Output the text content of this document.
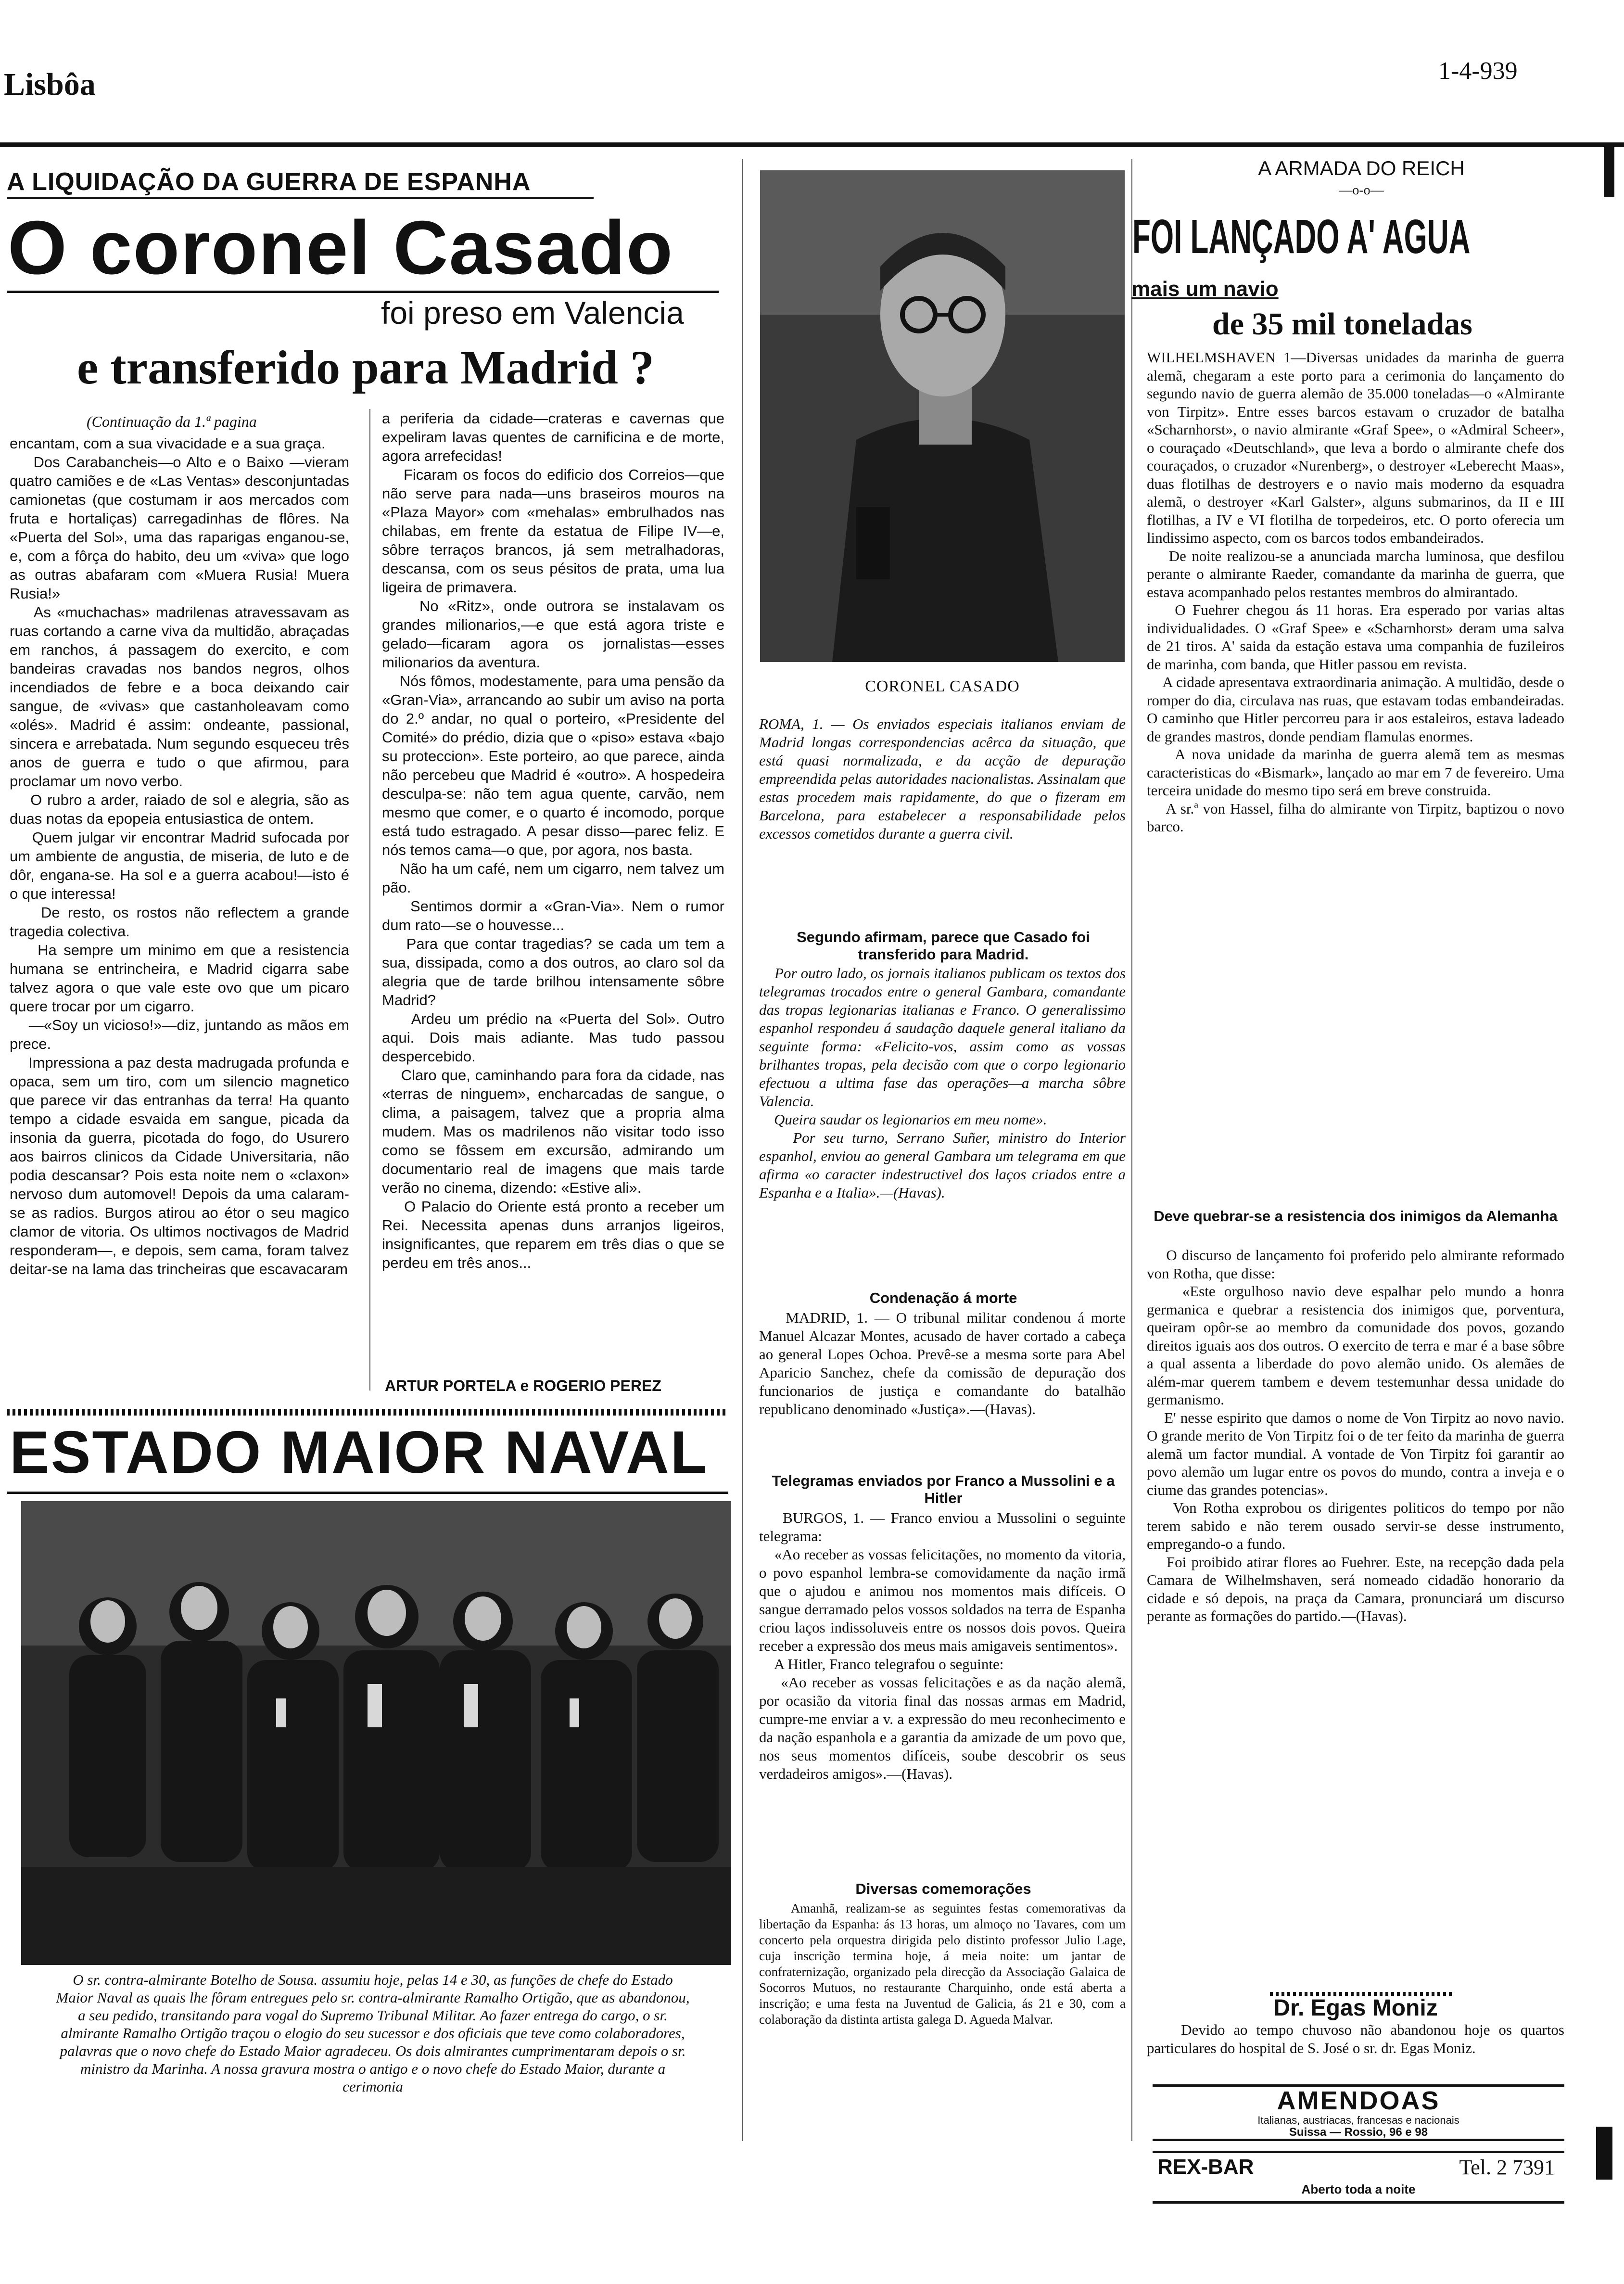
Lisbôa	1-4-939
A LIQUIDAÇÃO DA GUERRA DE ESPANHA
O coronel Casado
foi preso em Valencia
e transferido para Madrid ?
(Continuação da 1.ª pagina
encantam, com a sua vivacidade e a sua graça.
Dos Carabancheis—o Alto e o Baixo —vieram quatro camiões e de «Las Ventas» desconjuntadas camionetas (que costumam ir aos mercados com fruta e hortaliças) carregadinhas de flôres. Na «Puerta del Sol», uma das raparigas enganou-se, e, com a fôrça do habito, deu um «viva» que logo as outras abafaram com «Muera Rusia! Muera Rusia!»
As «muchachas» madrilenas atravessavam as ruas cortando a carne viva da multidão, abraçadas em ranchos, á passagem do exercito, e com bandeiras cravadas nos bandos negros, olhos incendiados de febre e a boca deixando cair sangue, de «vivas» que castanholeavam como «olés». Madrid é assim: ondeante, passional, sincera e arrebatada. Num segundo esqueceu três anos de guerra e tudo o que afirmou, para proclamar um novo verbo.
O rubro a arder, raiado de sol e alegria, são as duas notas da epopeia entusiastica de ontem.
Quem julgar vir encontrar Madrid sufocada por um ambiente de angustia, de miseria, de luto e de dôr, engana-se. Ha sol e a guerra acabou!—isto é o que interessa!
De resto, os rostos não reflectem a grande tragedia colectiva.
Ha sempre um minimo em que a resistencia humana se entrincheira, e Madrid cigarra sabe talvez agora o que vale este ovo que um picaro quere trocar por um cigarro.
—«Soy un vicioso!»—diz, juntando as mãos em prece.
Impressiona a paz desta madrugada profunda e opaca, sem um tiro, com um silencio magnetico que parece vir das entranhas da terra! Ha quanto tempo a cidade esvaida em sangue, picada da insonia da guerra, picotada do fogo, do Usurero aos bairros clinicos da Cidade Universitaria, não podia descansar? Pois esta noite nem o «claxon» nervoso dum automovel! Depois da uma calaram-se as radios. Burgos atirou ao étor o seu magico clamor de vitoria. Os ultimos noctivagos de Madrid responderam—, e depois, sem cama, foram talvez deitar-se na lama das trincheiras que escavacaram
a periferia da cidade—crateras e cavernas que expeliram lavas quentes de carnificina e de morte, agora arrefecidas!
Ficaram os focos do edificio dos Correios—que não serve para nada—uns braseiros mouros na «Plaza Mayor» com «mehalas» embrulhados nas chilabas, em frente da estatua de Filipe IV—e, sôbre terraços brancos, já sem metralhadoras, descansa, com os seus pésitos de prata, uma lua ligeira de primavera.
No «Ritz», onde outrora se instalavam os grandes milionarios,—e que está agora triste e gelado—ficaram agora os jornalistas—esses milionarios da aventura.
Nós fômos, modestamente, para uma pensão da «Gran-Via», arrancando ao subir um aviso na porta do 2.º andar, no qual o porteiro, «Presidente del Comité» do prédio, dizia que o «piso» estava «bajo su proteccion». Este porteiro, ao que parece, ainda não percebeu que Madrid é «outro». A hospedeira desculpa-se: não tem agua quente, carvão, nem mesmo que comer, e o quarto é incomodo, porque está tudo estragado. A pesar disso—parec feliz. E nós temos cama—o que, por agora, nos basta.
Não ha um café, nem um cigarro, nem talvez um pão.
Sentimos dormir a «Gran-Via». Nem o rumor dum rato—se o houvesse...
Para que contar tragedias? se cada um tem a sua, dissipada, como a dos outros, ao claro sol da alegria que de tarde brilhou intensamente sôbre Madrid?
Ardeu um prédio na «Puerta del Sol». Outro aqui. Dois mais adiante. Mas tudo passou despercebido.
Claro que, caminhando para fora da cidade, nas «terras de ninguem», encharcadas de sangue, o clima, a paisagem, talvez que a propria alma mudem. Mas os madrilenos não visitar todo isso como se fôssem em excursão, admirando um documentario real de imagens que mais tarde verão no cinema, dizendo: «Estive ali».
O Palacio do Oriente está pronto a receber um Rei. Necessita apenas duns arranjos ligeiros, insignificantes, que reparem em três dias o que se perdeu em três anos...
ARTUR PORTELA e ROGERIO PEREZ
ESTADO MAIOR NAVAL
O sr. contra-almirante Botelho de Sousa. assumiu hoje, pelas 14 e 30, as funções de chefe do Estado Maior Naval as quais lhe fôram entregues pelo sr. contra-almirante Ramalho Ortigão, que as abandonou, a seu pedido, transitando para vogal do Supremo Tribunal Militar. Ao fazer entrega do cargo, o sr. almirante Ramalho Ortigão traçou o elogio do seu sucessor e dos oficiais que teve como colaboradores, palavras que o novo chefe do Estado Maior agradeceu. Os dois almirantes cumprimentaram depois o sr. ministro da Marinha. A nossa gravura mostra o antigo e o novo chefe do Estado Maior, durante a cerimonia
CORONEL CASADO
ROMA, 1. — Os enviados especiais italianos enviam de Madrid longas correspondencias acêrca da situação, que está quasi normalizada, e da acção de depuração empreendida pelas autoridades nacionalistas. Assinalam que estas procedem mais rapidamente, do que o fizeram em Barcelona, para estabelecer a responsabilidade pelos excessos cometidos durante a guerra civil.
Segundo afirmam, parece que Casado foi transferido para Madrid.
Por outro lado, os jornais italianos publicam os textos dos telegramas trocados entre o general Gambara, comandante das tropas legionarias italianas e Franco. O generalissimo espanhol respondeu á saudação daquele general italiano da seguinte forma: «Felicito-vos, assim como as vossas brilhantes tropas, pela decisão com que o corpo legionario efectuou a ultima fase das operações—a marcha sôbre Valencia.
Queira saudar os legionarios em meu nome».
Por seu turno, Serrano Suñer, ministro do Interior espanhol, enviou ao general Gambara um telegrama em que afirma «o caracter indestructivel dos laços criados entre a Espanha e a Italia».—(Havas).
Condenação á morte
MADRID, 1. — O tribunal militar condenou á morte Manuel Alcazar Montes, acusado de haver cortado a cabeça ao general Lopes Ochoa. Prevê-se a mesma sorte para Abel Aparicio Sanchez, chefe da comissão de depuração dos funcionarios de justiça e comandante do batalhão republicano denominado «Justiça».—(Havas).
Telegramas enviados por Franco a Mussolini e a Hitler
BURGOS, 1. — Franco enviou a Mussolini o seguinte telegrama:
«Ao receber as vossas felicitações, no momento da vitoria, o povo espanhol lembra-se comovidamente da nação irmã que o ajudou e animou nos momentos mais difíceis. O sangue derramado pelos vossos soldados na terra de Espanha criou laços indissoluveis entre os nossos dois povos. Queira receber a expressão dos meus mais amigaveis sentimentos».
A Hitler, Franco telegrafou o seguinte:
«Ao receber as vossas felicitações e as da nação alemã, por ocasião da vitoria final das nossas armas em Madrid, cumpre-me enviar a v. a expressão do meu reconhecimento e da nação espanhola e a garantia da amizade de um povo que, nos seus momentos difíceis, soube descobrir os seus verdadeiros amigos».—(Havas).
Diversas comemorações
Amanhã, realizam-se as seguintes festas comemorativas da libertação da Espanha: ás 13 horas, um almoço no Tavares, com um concerto pela orquestra dirigida pelo distinto professor Julio Lage, cuja inscrição termina hoje, á meia noite: um jantar de confraternização, organizado pela direcção da Associação Galaica de Socorros Mutuos, no restaurante Charquinho, onde está aberta a inscrição; e uma festa na Juventud de Galicia, ás 21 e 30, com a colaboração da distinta artista galega D. Agueda Malvar.
A ARMADA DO REICH
—o-o—
FOI LANÇADO A' AGUA
mais um navio
de 35 mil toneladas
WILHELMSHAVEN 1—Diversas unidades da marinha de guerra alemã, chegaram a este porto para a cerimonia do lançamento do segundo navio de guerra alemão de 35.000 toneladas—o «Almirante von Tirpitz». Entre esses barcos estavam o cruzador de batalha «Scharnhorst», o navio almirante «Graf Spee», o «Admiral Scheer», o couraçado «Deutschland», que leva a bordo o almirante chefe dos couraçados, o cruzador «Nurenberg», o destroyer «Leberecht Maas», duas flotilhas de destroyers e o navio mais moderno da esquadra alemã, o destroyer «Karl Galster», alguns submarinos, da II e III flotilhas, a IV e VI flotilha de torpedeiros, etc. O porto oferecia um lindissimo aspecto, com os barcos todos embandeirados.
De noite realizou-se a anunciada marcha luminosa, que desfilou perante o almirante Raeder, comandante da marinha de guerra, que estava acompanhado pelos restantes membros do almirantado.
O Fuehrer chegou ás 11 horas. Era esperado por varias altas individualidades. O «Graf Spee» e «Scharnhorst» deram uma salva de 21 tiros. A' saida da estação estava uma companhia de fuzileiros de marinha, com banda, que Hitler passou em revista.
A cidade apresentava extraordinaria animação. A multidão, desde o romper do dia, circulava nas ruas, que estavam todas embandeiradas. O caminho que Hitler percorreu para ir aos estaleiros, estava ladeado de grandes mastros, donde pendiam flamulas enormes.
A nova unidade da marinha de guerra alemã tem as mesmas caracteristicas do «Bismark», lançado ao mar em 7 de fevereiro. Uma terceira unidade do mesmo tipo será em breve construida.
A sr.ª von Hassel, filha do almirante von Tirpitz, baptizou o novo barco.
Deve quebrar-se a resistencia dos inimigos da Alemanha
O discurso de lançamento foi proferido pelo almirante reformado von Rotha, que disse:
«Este orgulhoso navio deve espalhar pelo mundo a honra germanica e quebrar a resistencia dos inimigos que, porventura, queiram opôr-se ao membro da comunidade dos povos, gozando direitos iguais aos dos outros. O exercito de terra e mar é a base sôbre a qual assenta a liberdade do povo alemão unido. Os alemães de além-mar querem tambem e devem testemunhar dessa unidade do germanismo.
E' nesse espirito que damos o nome de Von Tirpitz ao novo navio. O grande merito de Von Tirpitz foi o de ter feito da marinha de guerra alemã um factor mundial. A vontade de Von Tirpitz foi garantir ao povo alemão um lugar entre os povos do mundo, contra a inveja e o ciume das grandes potencias».
Von Rotha exprobou os dirigentes politicos do tempo por não terem sabido e não terem ousado servir-se desse instrumento, empregando-o a fundo.
Foi proibido atirar flores ao Fuehrer. Este, na recepção dada pela Camara de Wilhelmshaven, será nomeado cidadão honorario da cidade e só depois, na praça da Camara, pronunciará um discurso perante as formações do partido.—(Havas).
Dr. Egas Moniz
Devido ao tempo chuvoso não abandonou hoje os quartos particulares do hospital de S. José o sr. dr. Egas Moniz.
AMENDOAS
Italianas, austriacas, francesas e nacionais
Suissa — Rossio, 96 e 98
REX-BAR	Tel. 2 7391
Aberto toda a noite
